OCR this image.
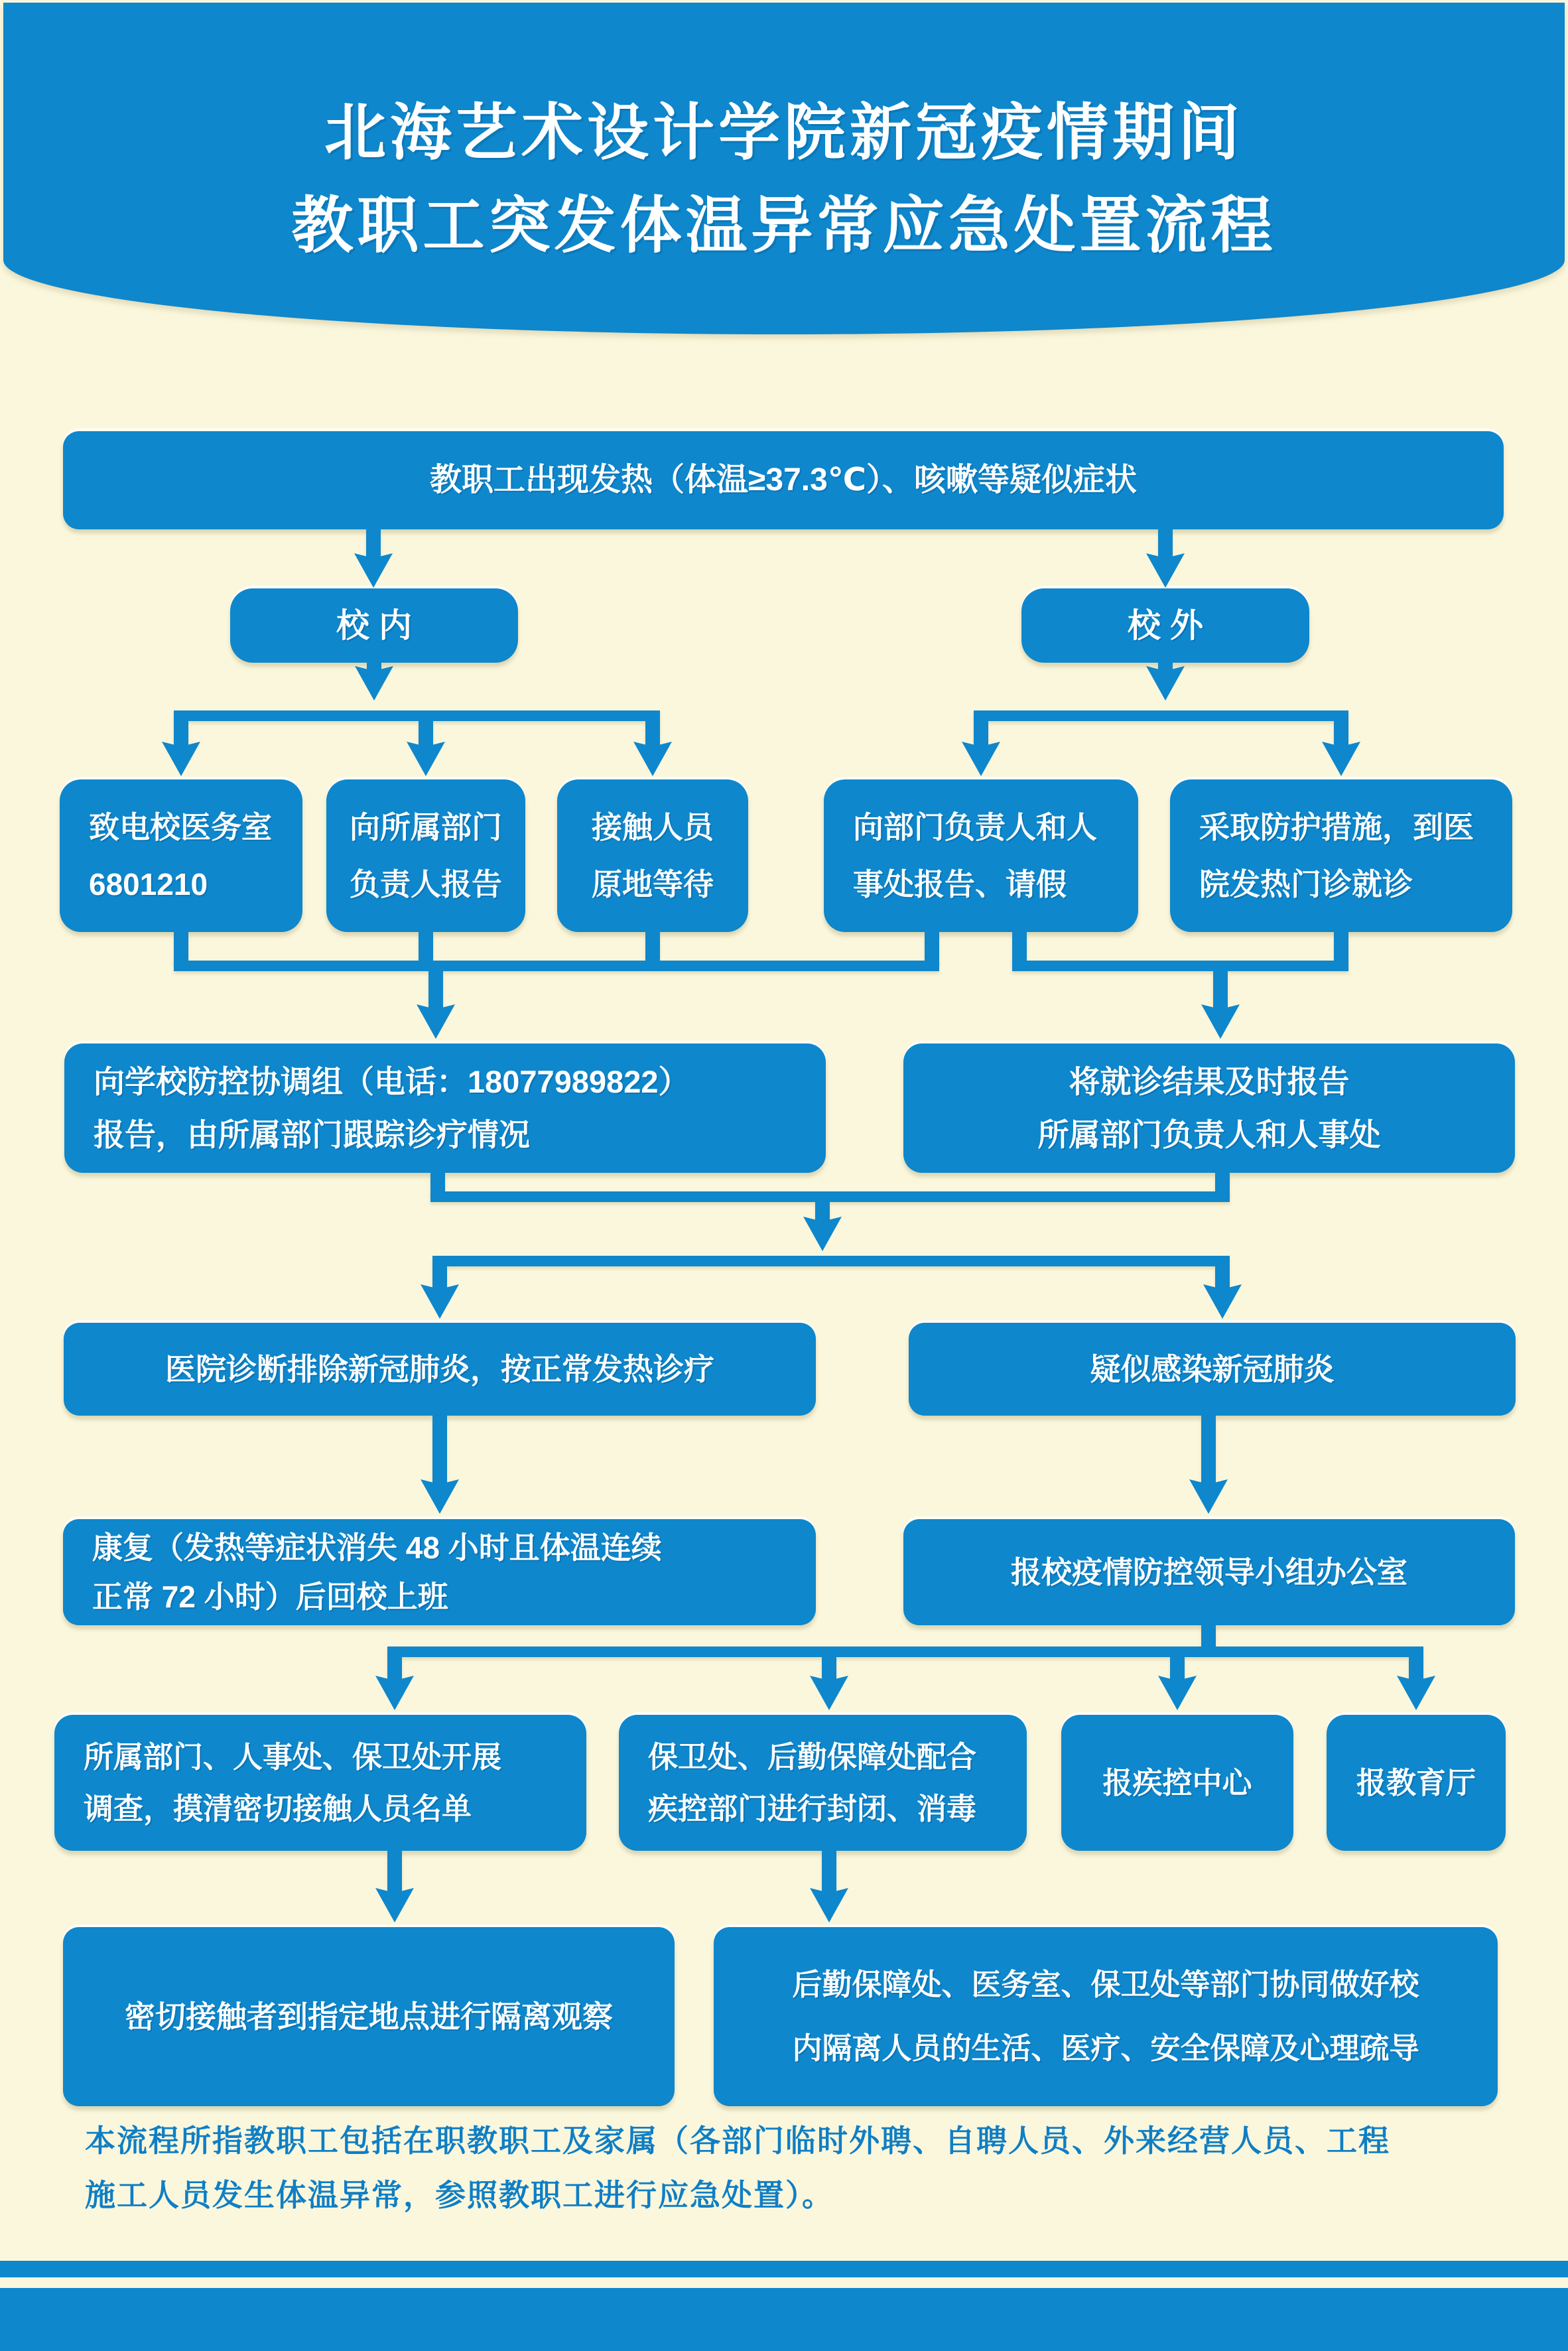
北海艺术设计学院新冠疫情期间
教职工突发体温异常应急处置流程
教职工出现发热（体温≥37.3℃）、咳嗽等疑似症状
校 内	校 外
致电校医务室
6801210
向所属部门
负责人报告
接触人员
原地等待
向部门负责人和人
事处报告、请假
采取防护措施，到医
院发热门诊就诊
向学校防控协调组（电话：18077989822）
报告，由所属部门跟踪诊疗情况
将就诊结果及时报告
所属部门负责人和人事处
医院诊断排除新冠肺炎，按正常发热诊疗	疑似感染新冠肺炎
康复（发热等症状消失 48 小时且体温连续
正常 72 小时）后回校上班
报校疫情防控领导小组办公室
所属部门、人事处、保卫处开展
调查，摸清密切接触人员名单
保卫处、后勤保障处配合
疾控部门进行封闭、消毒
报疾控中心	报教育厅
密切接触者到指定地点进行隔离观察
后勤保障处、医务室、保卫处等部门协同做好校
内隔离人员的生活、医疗、安全保障及心理疏导
本流程所指教职工包括在职教职工及家属（各部门临时外聘、自聘人员、外来经营人员、工程
施工人员发生体温异常，参照教职工进行应急处置）。
